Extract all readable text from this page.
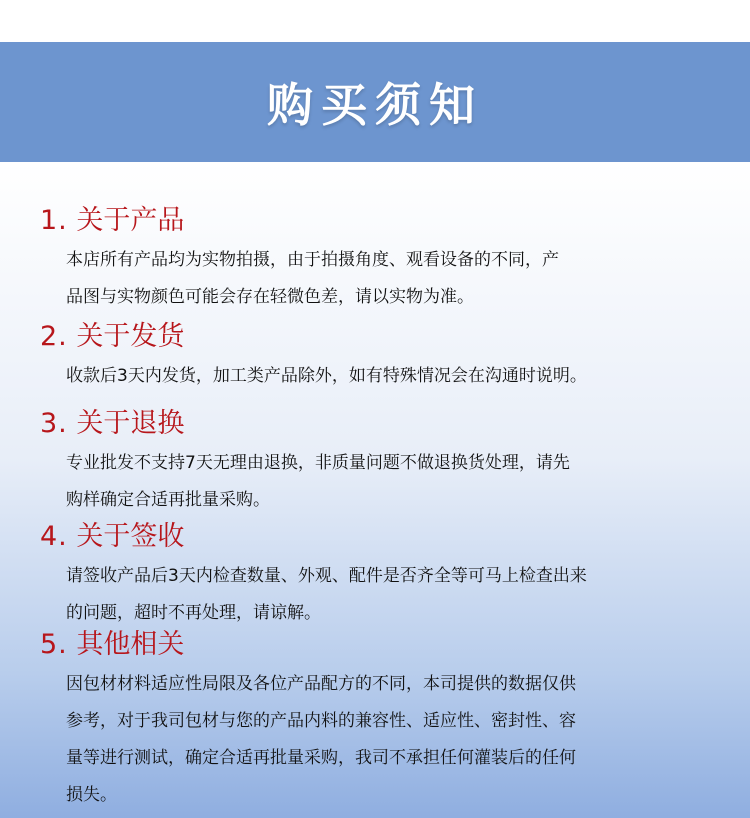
购买须知
1. 关于产品

本店所有产品均为实物拍摄，由于拍摄角度、观看设备的不同，产
品图与实物颜色可能会存在轻微色差，请以实物为准。

2. 关于发货

收款后3天内发货，加工类产品除外，如有特殊情况会在沟通时说明。

3. 关于退换

专业批发不支持7天无理由退换，非质量问题不做退换货处理，请先
购样确定合适再批量采购。

4. 关于签收

请签收产品后3天内检查数量、外观、配件是否齐全等可马上检查出来
的问题，超时不再处理，请谅解。

5. 其他相关

因包材材料适应性局限及各位产品配方的不同，本司提供的数据仅供
参考，对于我司包材与您的产品内料的兼容性、适应性、密封性、容
量等进行测试，确定合适再批量采购，我司不承担任何灌装后的任何
损失。
